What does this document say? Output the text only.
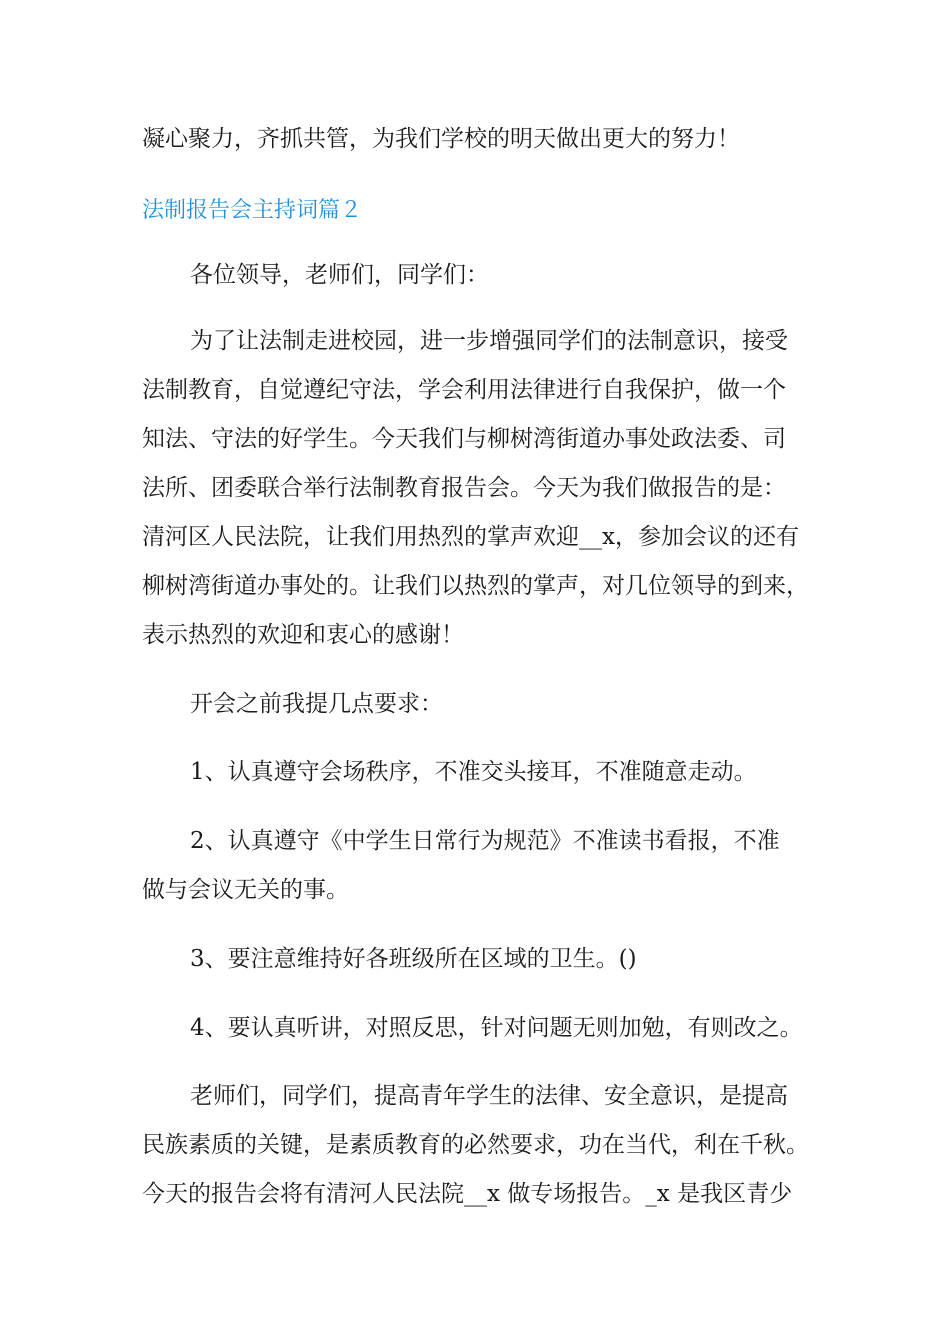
凝心聚力，齐抓共管，为我们学校的明天做出更大的努力！
法制报告会主持词篇２
各位领导，老师们，同学们：
为了让法制走进校园，进一步增强同学们的法制意识，接受
法制教育，自觉遵纪守法，学会利用法律进行自我保护，做一个
知法、守法的好学生。今天我们与柳树湾街道办事处政法委、司
法所、团委联合举行法制教育报告会。今天为我们做报告的是：
清河区人民法院，让我们用热烈的掌声欢迎__x，参加会议的还有
柳树湾街道办事处的。让我们以热烈的掌声，对几位领导的到来，
表示热烈的欢迎和衷心的感谢！
开会之前我提几点要求：
1、认真遵守会场秩序，不准交头接耳，不准随意走动。
2、认真遵守《中学生日常行为规范》不准读书看报，不准
做与会议无关的事。
3、要注意维持好各班级所在区域的卫生。()
4、要认真听讲，对照反思，针对问题无则加勉，有则改之。
老师们，同学们，提高青年学生的法律、安全意识，是提高
民族素质的关键，是素质教育的必然要求，功在当代，利在千秋。
今天的报告会将有清河人民法院__x 做专场报告。_x 是我区青少
